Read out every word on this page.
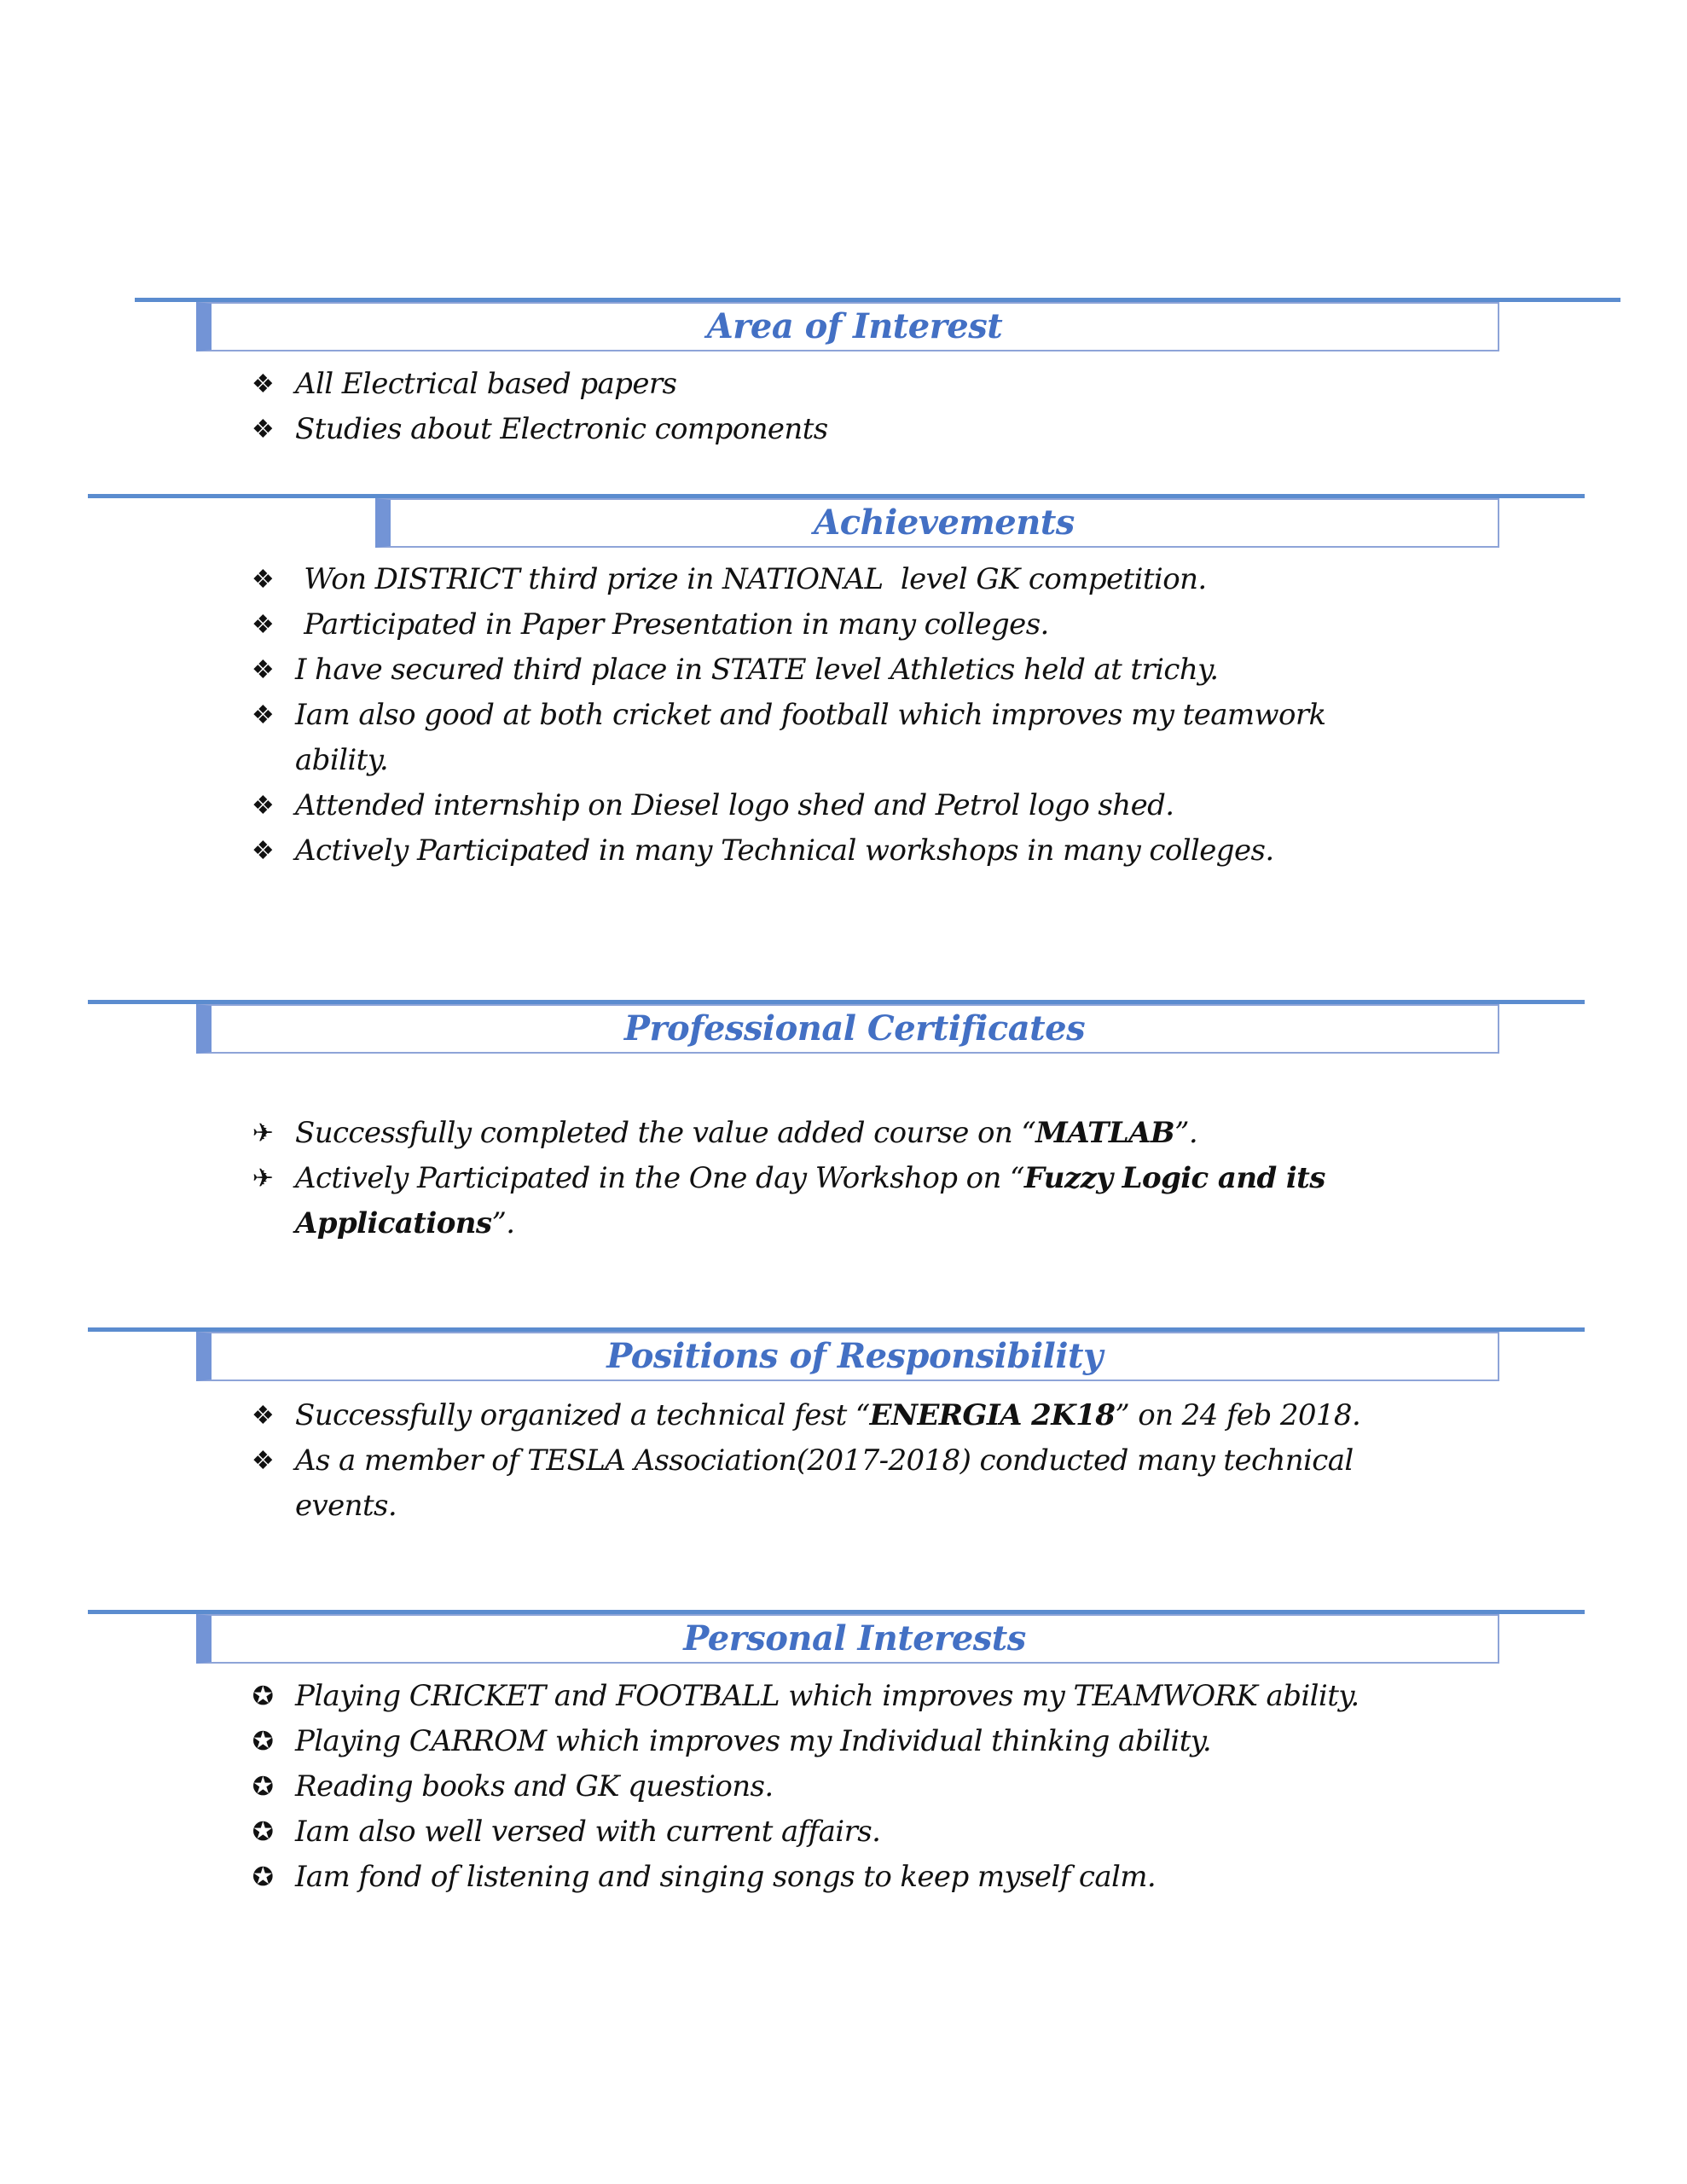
Area of Interest
❖ All Electrical based papers
❖ Studies about Electronic components
Achievements
❖ Won DISTRICT third prize in NATIONAL  level GK competition.
❖ Participated in Paper Presentation in many colleges.
❖ I have secured third place in STATE level Athletics held at trichy.
❖ Iam also good at both cricket and football which improves my teamwork ability.
❖ Attended internship on Diesel logo shed and Petrol logo shed.
❖ Actively Participated in many Technical workshops in many colleges.
Professional Certificates
✈ Successfully completed the value added course on “MATLAB”.
✈ Actively Participated in the One day Workshop on “Fuzzy Logic and its Applications”.
Positions of Responsibility
❖ Successfully organized a technical fest “ENERGIA 2K18” on 24 feb 2018.
❖ As a member of TESLA Association(2017-2018) conducted many technical events.
Personal Interests
✪ Playing CRICKET and FOOTBALL which improves my TEAMWORK ability.
✪ Playing CARROM which improves my Individual thinking ability.
✪ Reading books and GK questions.
✪ Iam also well versed with current affairs.
✪ Iam fond of listening and singing songs to keep myself calm.
